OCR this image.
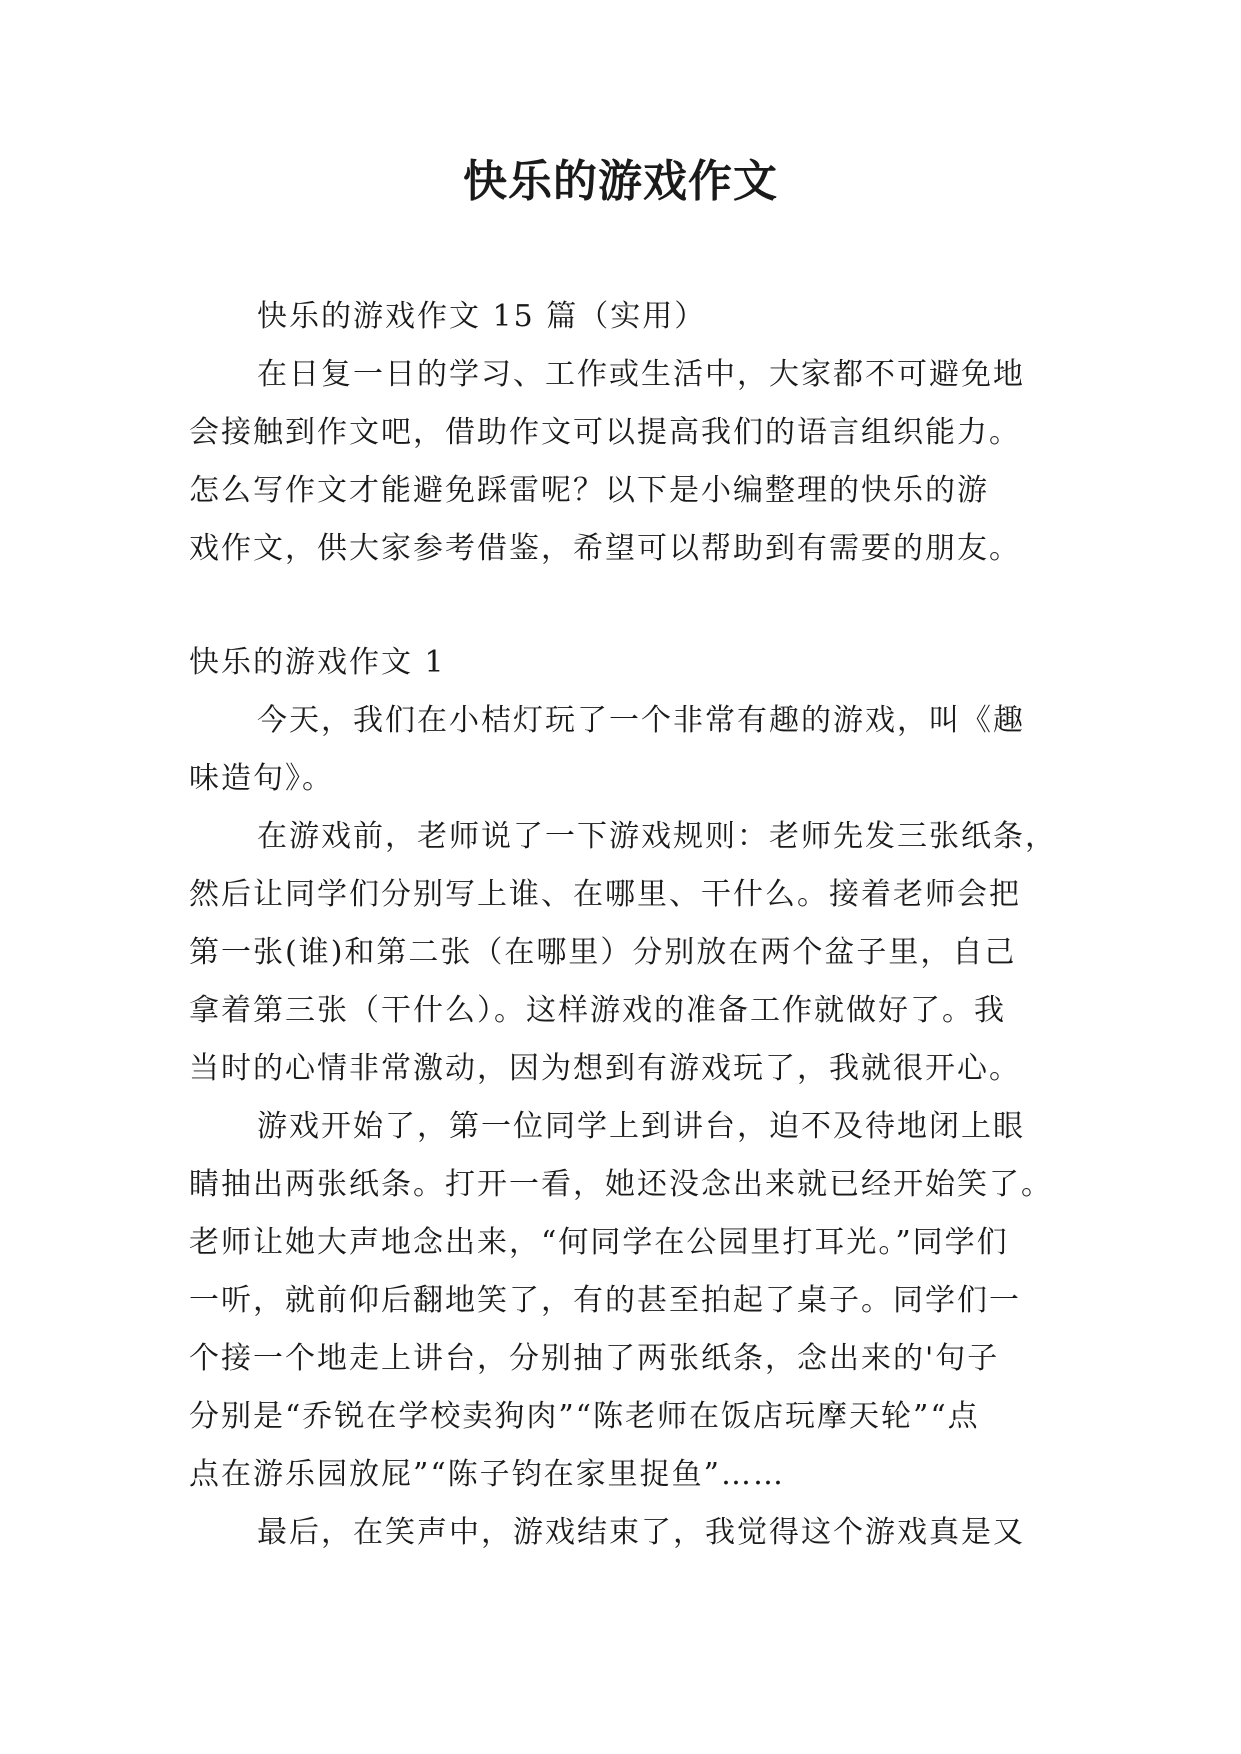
快乐的游戏作文
快乐的游戏作文 15 篇（实用）
在日复一日的学习、工作或生活中，大家都不可避免地
会接触到作文吧，借助作文可以提高我们的语言组织能力。
怎么写作文才能避免踩雷呢？以下是小编整理的快乐的游
戏作文，供大家参考借鉴，希望可以帮助到有需要的朋友。
快乐的游戏作文 1
今天，我们在小桔灯玩了一个非常有趣的游戏，叫《趣
味造句》。
在游戏前，老师说了一下游戏规则：老师先发三张纸条，
然后让同学们分别写上谁、在哪里、干什么。接着老师会把
第一张(谁)和第二张（在哪里）分别放在两个盆子里，自己
拿着第三张（干什么）。这样游戏的准备工作就做好了。我
当时的心情非常激动，因为想到有游戏玩了，我就很开心。
游戏开始了，第一位同学上到讲台，迫不及待地闭上眼
睛抽出两张纸条。打开一看，她还没念出来就已经开始笑了。
老师让她大声地念出来，“何同学在公园里打耳光。”同学们
一听，就前仰后翻地笑了，有的甚至拍起了桌子。同学们一
个接一个地走上讲台，分别抽了两张纸条，念出来的'句子
分别是“乔锐在学校卖狗肉”“陈老师在饭店玩摩天轮”“点
点在游乐园放屁”“陈子钧在家里捉鱼”……
最后，在笑声中，游戏结束了，我觉得这个游戏真是又
